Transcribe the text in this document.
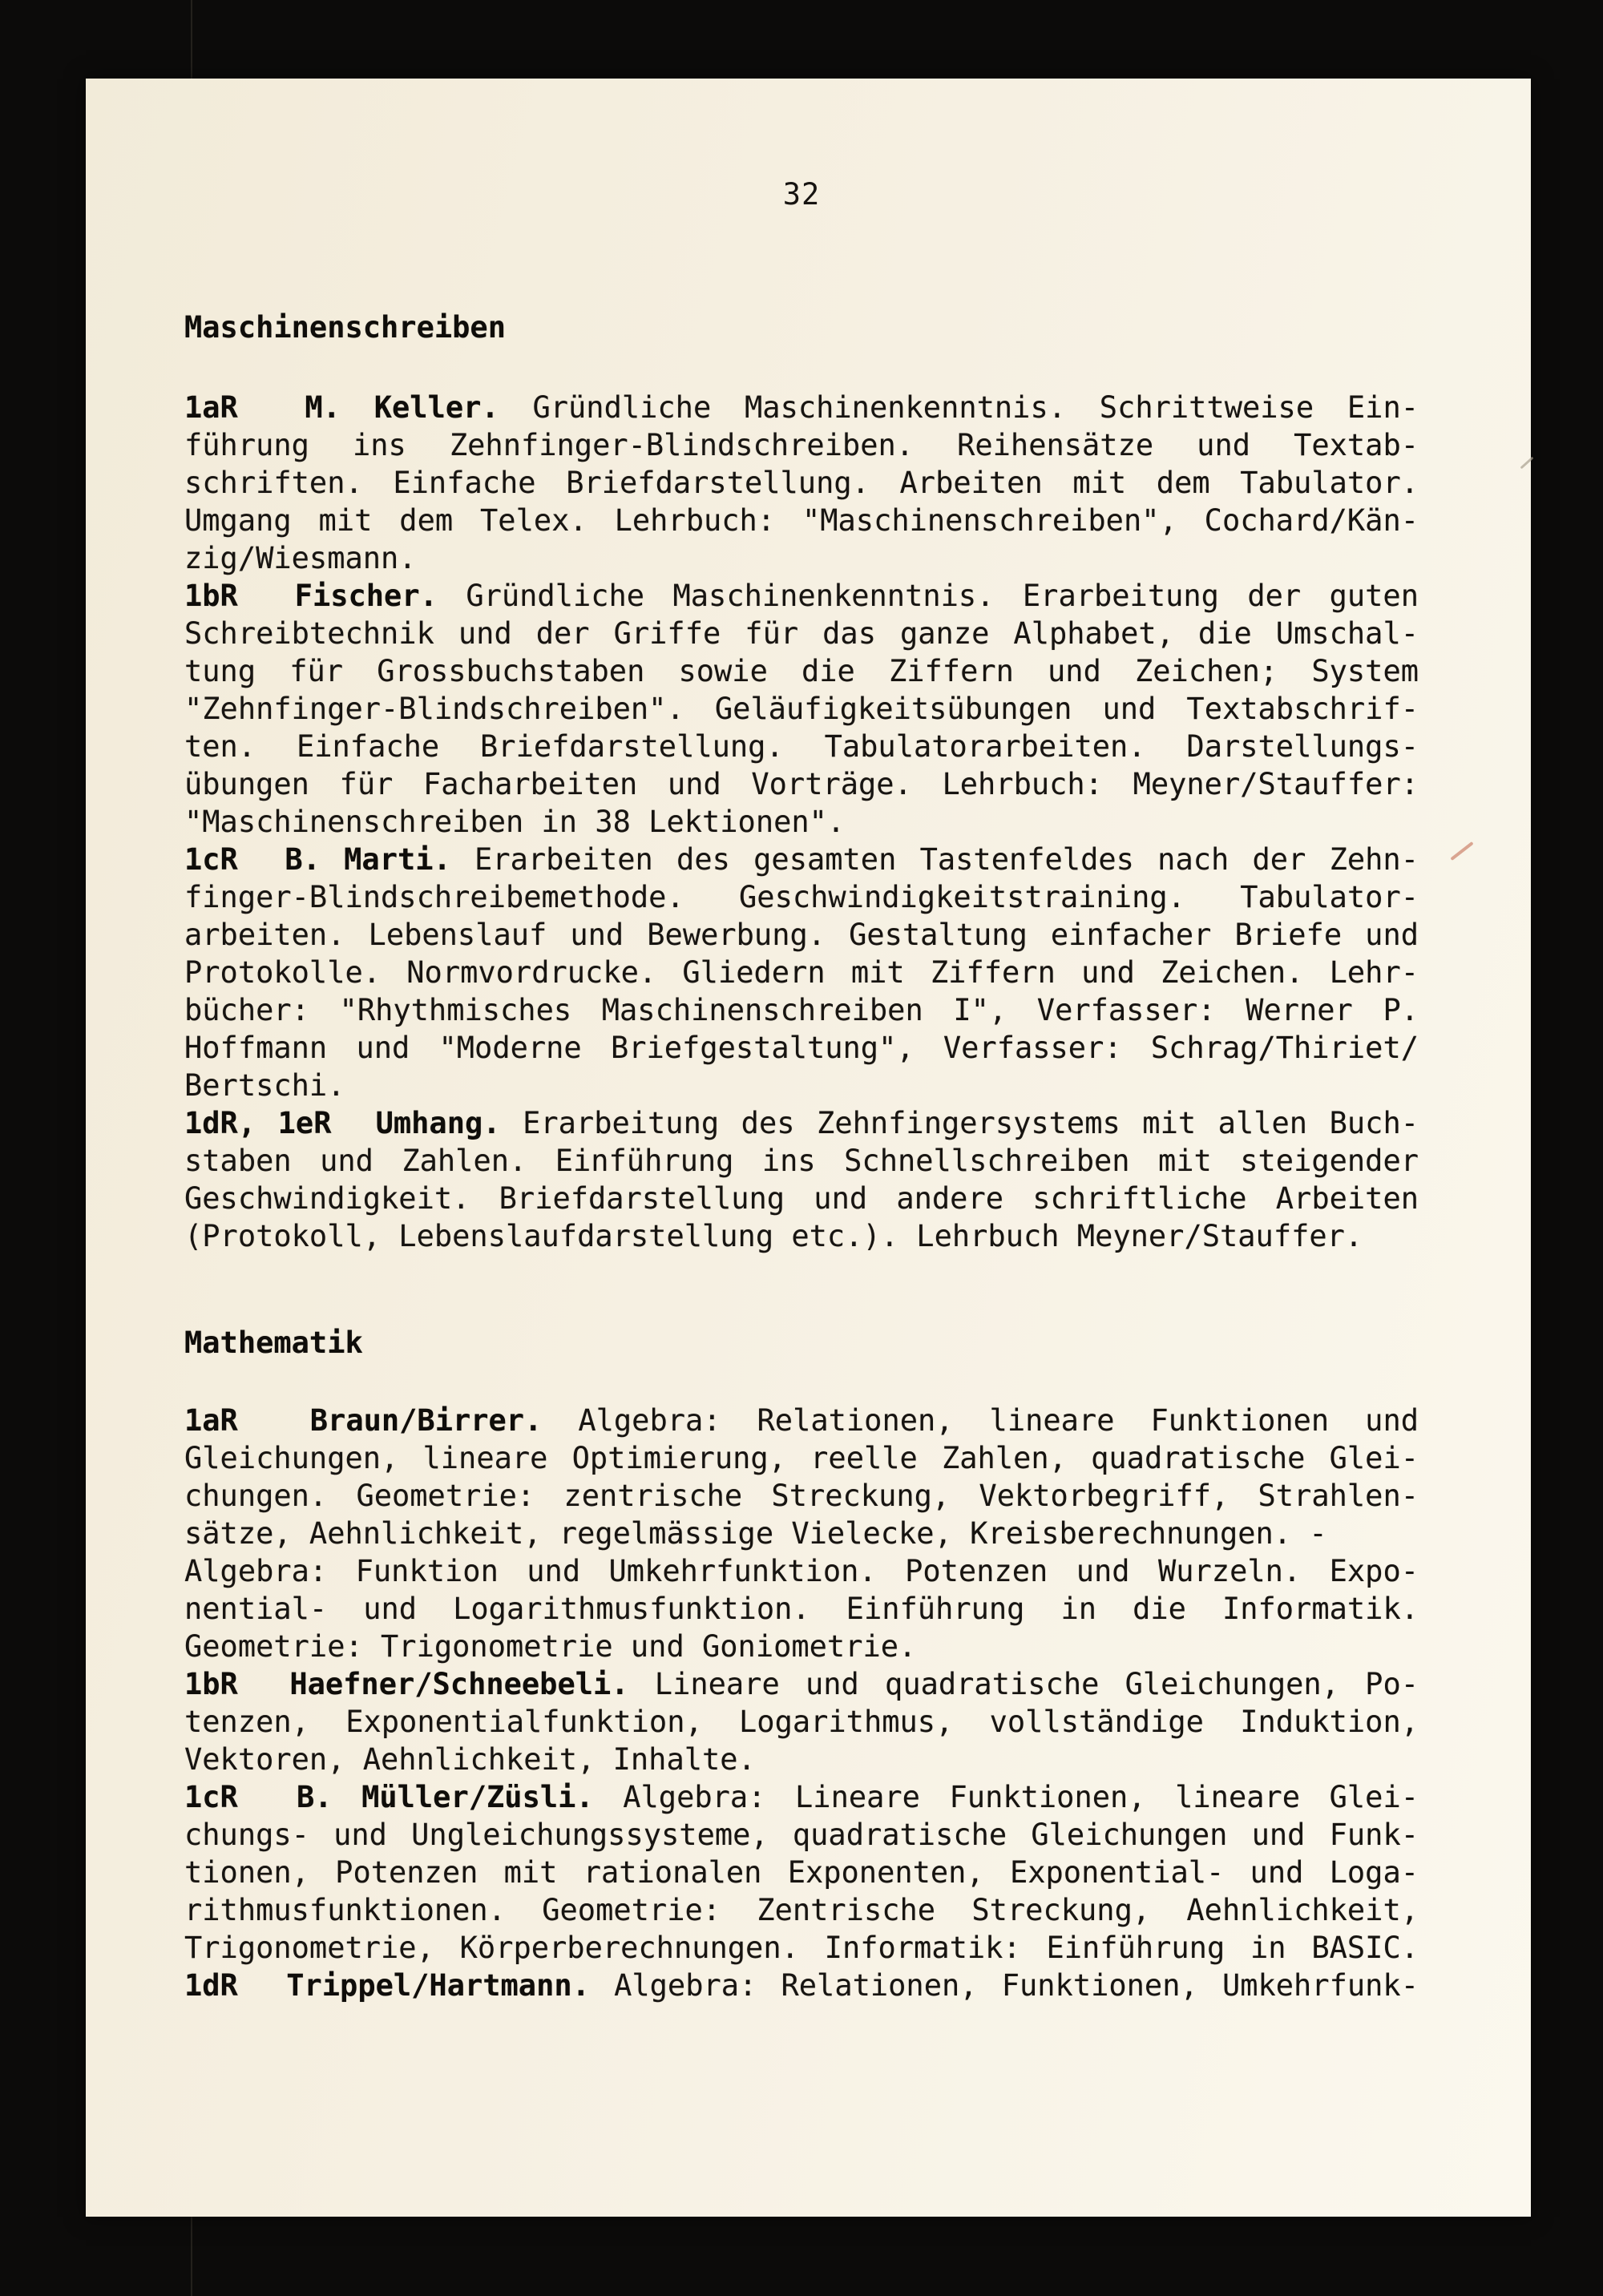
32
Maschinenschreiben
1aR  M. Keller. Gründliche Maschinenkenntnis. Schrittweise Ein-
führung ins Zehnfinger-Blindschreiben. Reihensätze und Textab-
schriften. Einfache Briefdarstellung. Arbeiten mit dem Tabulator.
Umgang mit dem Telex. Lehrbuch: "Maschinenschreiben", Cochard/Kän-
zig/Wiesmann.
1bR  Fischer. Gründliche Maschinenkenntnis. Erarbeitung der guten
Schreibtechnik und der Griffe für das ganze Alphabet, die Umschal-
tung für Grossbuchstaben sowie die Ziffern und Zeichen; System
"Zehnfinger-Blindschreiben". Geläufigkeitsübungen und Textabschrif-
ten. Einfache Briefdarstellung. Tabulatorarbeiten. Darstellungs-
übungen für Facharbeiten und Vorträge. Lehrbuch: Meyner/Stauffer:
"Maschinenschreiben in 38 Lektionen".
1cR  B. Marti. Erarbeiten des gesamten Tastenfeldes nach der Zehn-
finger-Blindschreibemethode. Geschwindigkeitstraining. Tabulator-
arbeiten. Lebenslauf und Bewerbung. Gestaltung einfacher Briefe und
Protokolle. Normvordrucke. Gliedern mit Ziffern und Zeichen. Lehr-
bücher: "Rhythmisches Maschinenschreiben I", Verfasser: Werner P.
Hoffmann und "Moderne Briefgestaltung", Verfasser: Schrag/Thiriet/
Bertschi.
1dR, 1eR  Umhang. Erarbeitung des Zehnfingersystems mit allen Buch-
staben und Zahlen. Einführung ins Schnellschreiben mit steigender
Geschwindigkeit. Briefdarstellung und andere schriftliche Arbeiten
(Protokoll, Lebenslaufdarstellung etc.). Lehrbuch Meyner/Stauffer.
Mathematik
1aR  Braun/Birrer. Algebra: Relationen, lineare Funktionen und
Gleichungen, lineare Optimierung, reelle Zahlen, quadratische Glei-
chungen. Geometrie: zentrische Streckung, Vektorbegriff, Strahlen-
sätze, Aehnlichkeit, regelmässige Vielecke, Kreisberechnungen. -
Algebra: Funktion und Umkehrfunktion. Potenzen und Wurzeln. Expo-
nential- und Logarithmusfunktion. Einführung in die Informatik.
Geometrie: Trigonometrie und Goniometrie.
1bR  Haefner/Schneebeli. Lineare und quadratische Gleichungen, Po-
tenzen, Exponentialfunktion, Logarithmus, vollständige Induktion,
Vektoren, Aehnlichkeit, Inhalte.
1cR  B. Müller/Züsli. Algebra: Lineare Funktionen, lineare Glei-
chungs- und Ungleichungssysteme, quadratische Gleichungen und Funk-
tionen, Potenzen mit rationalen Exponenten, Exponential- und Loga-
rithmusfunktionen. Geometrie: Zentrische Streckung, Aehnlichkeit,
Trigonometrie, Körperberechnungen. Informatik: Einführung in BASIC.
1dR  Trippel/Hartmann. Algebra: Relationen, Funktionen, Umkehrfunk-
